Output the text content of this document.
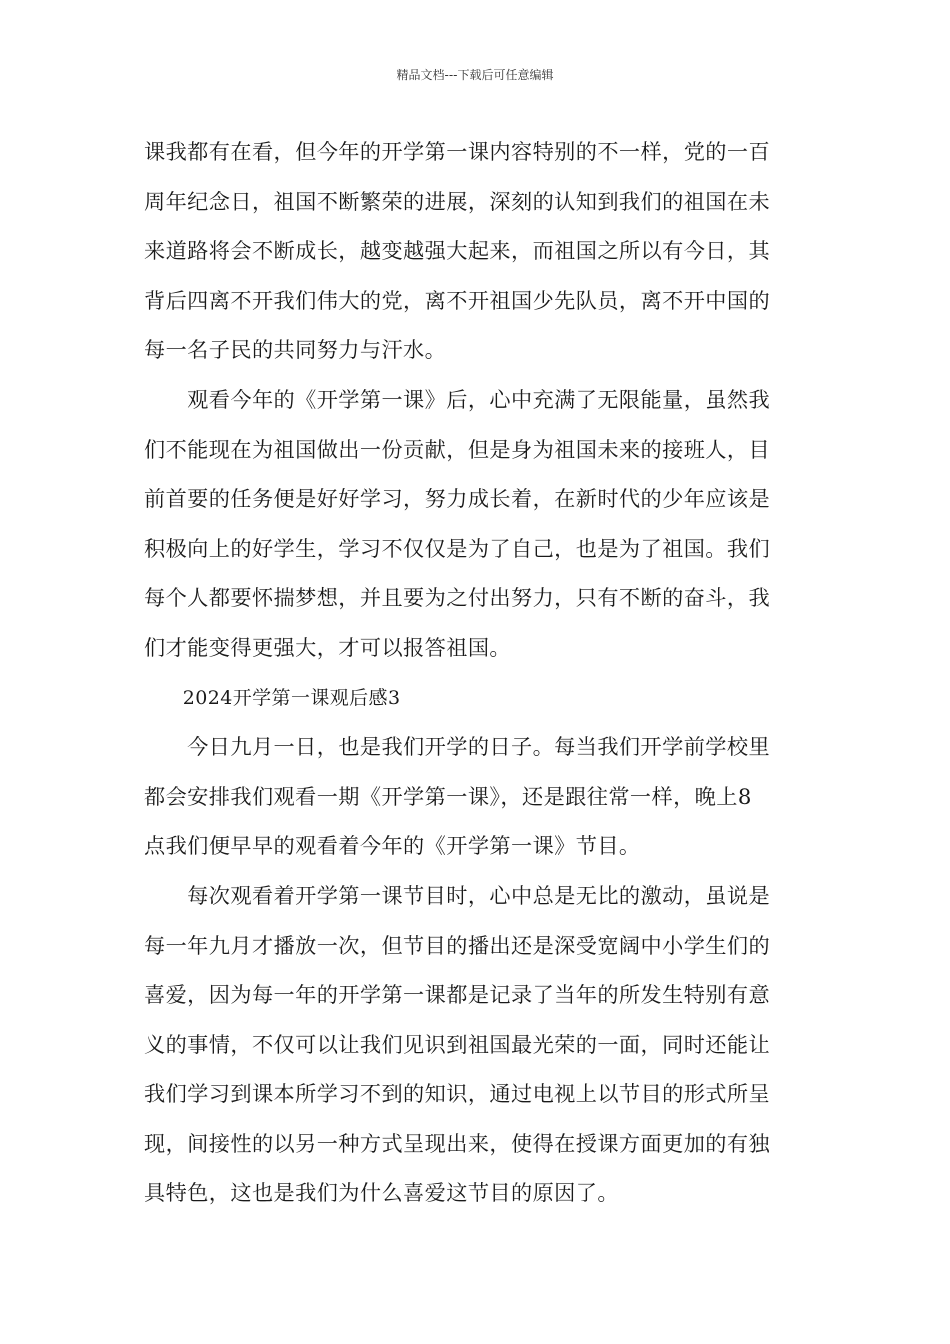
精品文档---下载后可任意编辑
课我都有在看，但今年的开学第一课内容特别的不一样，党的一百
周年纪念日，祖国不断繁荣的进展，深刻的认知到我们的祖国在未
来道路将会不断成长，越变越强大起来，而祖国之所以有今日，其
背后四离不开我们伟大的党，离不开祖国少先队员，离不开中国的
每一名子民的共同努力与汗水。
　　观看今年的《开学第一课》后，心中充满了无限能量，虽然我
们不能现在为祖国做出一份贡献，但是身为祖国未来的接班人，目
前首要的任务便是好好学习，努力成长着，在新时代的少年应该是
积极向上的好学生，学习不仅仅是为了自己，也是为了祖国。我们
每个人都要怀揣梦想，并且要为之付出努力，只有不断的奋斗，我
们才能变得更强大，才可以报答祖国。
　　2024开学第一课观后感3
　　今日九月一日，也是我们开学的日子。每当我们开学前学校里
都会安排我们观看一期《开学第一课》，还是跟往常一样，晚上8
点我们便早早的观看着今年的《开学第一课》节目。
　　每次观看着开学第一课节目时，心中总是无比的激动，虽说是
每一年九月才播放一次，但节目的播出还是深受宽阔中小学生们的
喜爱，因为每一年的开学第一课都是记录了当年的所发生特别有意
义的事情，不仅可以让我们见识到祖国最光荣的一面，同时还能让
我们学习到课本所学习不到的知识，通过电视上以节目的形式所呈
现，间接性的以另一种方式呈现出来，使得在授课方面更加的有独
具特色，这也是我们为什么喜爱这节目的原因了。
